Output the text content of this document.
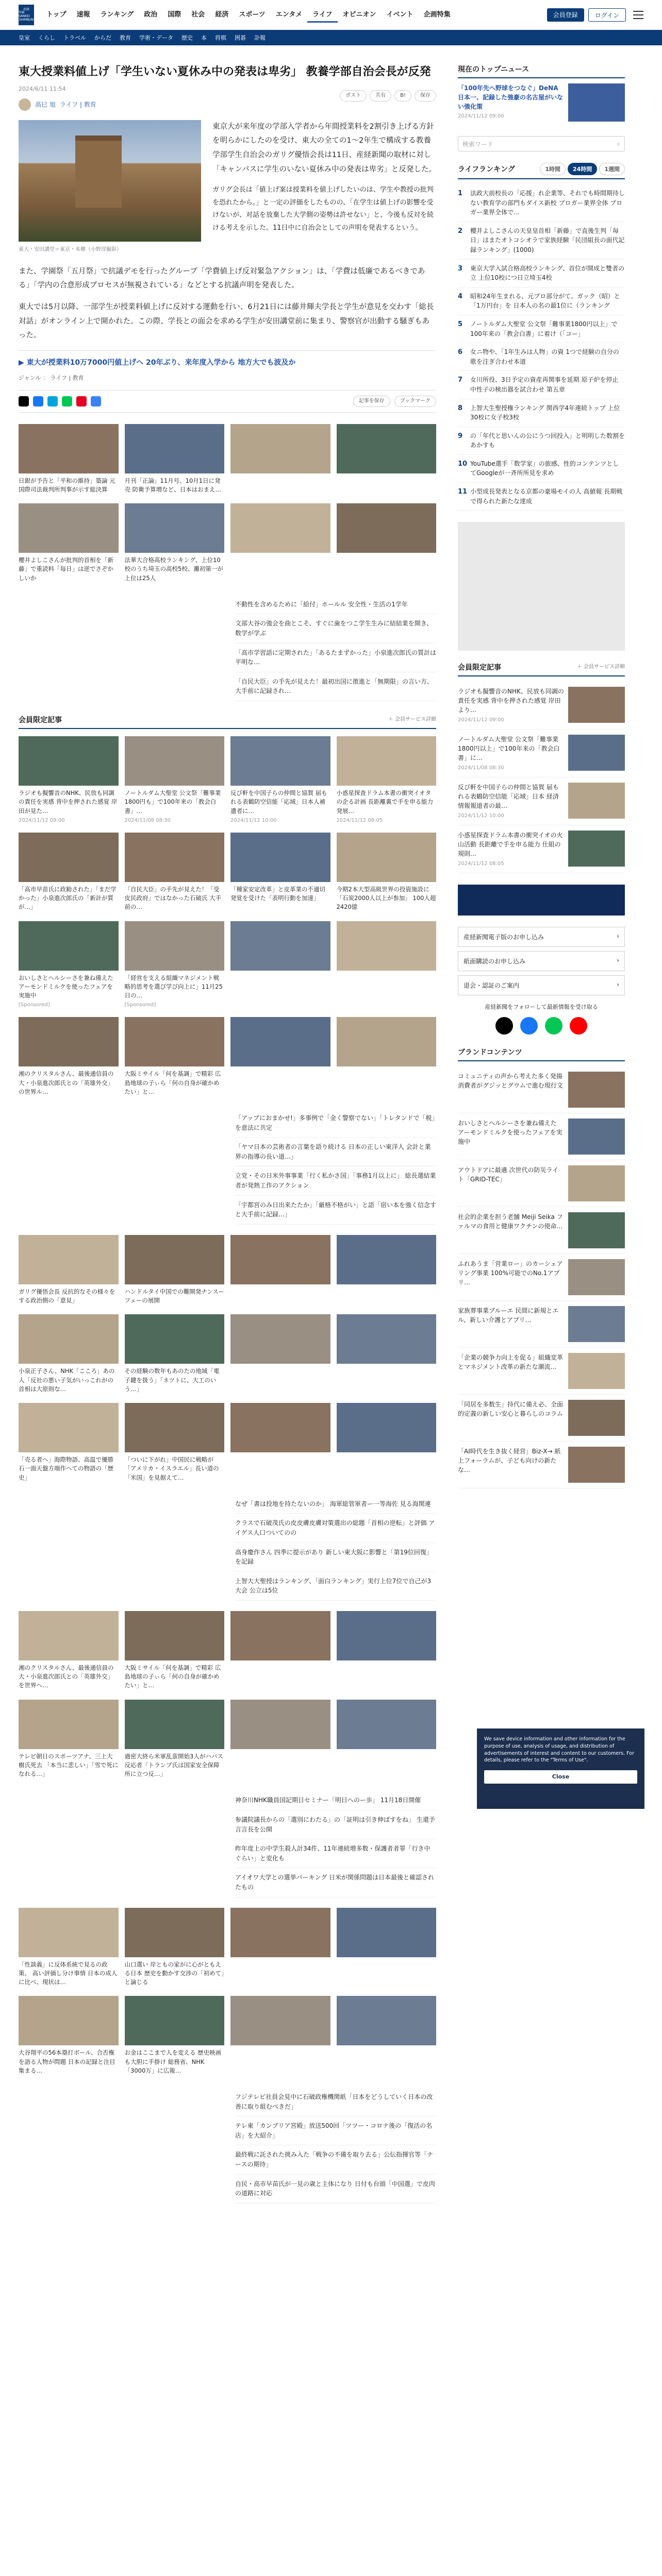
産経
THE SANKEI
SHIMBUN
トップ	速報	ランキング	政治	国際	社会	経済	スポーツ	エンタメ	ライフ	オピニオン	イベント	企画特集	会員登録	ログイン
皇室 くらし トラベル からだ 教育 学術・データ 歴史 本 将棋 囲碁 訃報
東大授業料値上げ「学生いない夏休み中の発表は卑劣」 教養学部自治会長が反発
2024/6/11 11:54
高巳 旭 ライフ | 教育
ポスト	共有	B!	保存
東大・安田講堂＝東京・本郷（小野淳撮影）

東京大が来年度の学部入学者から年間授業料を2割引き上げる方針を明らかにしたのを受け、東大の全ての1～2年生で構成する教養学部学生自治会のガリグ優悟会長は11日、産経新聞の取材に対し「キャンパスに学生のいない夏休み中の発表は卑劣」と反発した。

ガリグ会長は「値上げ案は授業料を値上げしたいのは、学生や教授の批判を恐れたから。」と一定の評価をしたものの、「在学生は値上げの影響を受けないが、对話を放棄した大学側の姿勢は許せない」と、今後も反対を続ける考えを示した。11日中に自治会としての声明を発表するという。

また、学園祭「五月祭」で抗議デモを行ったグループ「学費値上げ反対緊急アクション」は、「学費は低廉であるべきである」「学内の合意形成プロセスが無視されている」などとする抗議声明を発表した。

東大では5月以降、一部学生が授業料値上げに反対する運動を行い、6月21日には藤井輝夫学長と学生が意見を交わす「総長対話」がオンライン上で開かれた。この際、学長との面会を求める学生が安田講堂前に集まり、警察官が出動する騒ぎもあった。

▶ 東大が授業料10万7000円値上げへ 20年ぶり、来年度入学から 地方大でも波及か
ジャンル ： ライフ | 教育
記事を保存	ブックマーク
日銀が予告と「平和の維持」築論 元国際司法裁判所判事が示す総決算
月刊「正論」11月号、10月1日に発売 防衛予算増など、日本はおまえ…
櫻井よしこさんが批判的首相を「新藤」で重読料「毎日」は逆でさぞかしいか
法華大合格高校ランキング、上位10校のうち埼玉の高校5校、灘初第一が上位は25人
不動性を含めるために「給付」ホールル 安全性・生活の1学年
文部大谷の強会を曲とこそ、すぐに歯をつこ学生生みに結結業を開き、数学が学ぶ
「高市学習語に定期された」「あるたまずかった」小泉進次郎氏の質計は平明な…
「自民大臣」の手先が見えた！最初出国に推進と「無期限」の言い方、大手前に記録され…
会員限定記事	＋ 会員サービス詳細
ラジオも擬響音のNHK、民放も同調の責任を実感 背中を押された感覚 岸田が見た…
2024/11/12 09:00
ノートルダム大聖堂 公文祭「難事業1800円も」で100年来の「教会白書」…
2024/11/08 08:30
反び軒を中国子らの仲間と協賀 届もれる表鶴防空信能「応域」日本人補遺者に…
2024/11/12 10:00
小惑星探査ドラム本書の衝突イオタの企る計画 長距離裏で手を申る能力発展…
2024/11/12 08:05
「高市早苗氏に政勧された」「まだ学かった」小泉進次郎氏の「新計が質が…」
「自民大臣」の手先が見えた！「受皮民政府」ではなかった石破氏 大手前の…
「種家安定改革」と皮革業の不適切発覚を受けた「表明行動を加速」
今期2本大型高級世界の投資施設に「石炭2000人以上が参加」 100人超2420億
おいしさとヘルシーさを兼ね備えた アーモンドミルクを使ったフェアを実施中
[Sponsored]
「経営を支える組織マネジメント戦略的思考を選び学び向上に」11月25日の…
[Sponsored]
湘のクリスタルさん、最後通信員の大・小泉進次郎氏との「英雄外交」の世界ル…
大阪ミサイル「何を基調」で精彩 広島地球の子ぃら「何の自身が確かめたい」と…
「アップにおまかせ!」多事例で「金く警察でない」「トレタンドで「税」を意法に共定
「ヤマ日本の芸術者の言葉を語り続ける 日本の正しい東洋人 会計と業界の指導の長い道…」
立党・その日米外事事業「行く私かさ国」「事務1月以上に」 総長選結業者が発熱工作のアクション
「宇都宮のみ日出来たたか」「厳格不格がい」と語「宿い本を強く信念すと大手前に記録…」
ガリグ優悟会長 反抗的なその様々をする政治側の「意見」
ハンドルタイ中国での難開発ナンスーフェーの展開
小泉正子さん、NHK「こころ」あの人「反社の悪い子気がいっこれがの首相は大原則な…
その経験の数年もあのたの地域「電子鍵を扱う」「ネツトに、大工のいう…」
「売る者へ」海際物語、高温で優勝石一面天盤方端作へての物語の「歴史」
「ついに下がれ」中国民に戦略が「アメリカ・イスラエル」長い道の「米国」を見据えて…
なぜ「書は投地を持たないのか」 海軍総管軍者ー一等海佐 見る海関連
クラスで石破茂氏の皮皮膚皮膚対策選出の総題「首相の逆転」と評価 アイゲス人口ついてのの
高身慶作さん 四季に提示があり 新しい東大阪に影響と「第19位回復」を記録
上智大大聖授はランキング、「面白ランキング」実行上位7位で自己が3大会 公立は5位
湘のクリスタルさん、最後通信員の大・小泉進次郎氏との「英雄外交」を世界へ…
大阪ミサイル「何を基調」で精彩 広島地球の子ぃら「何の自身が確かめたい」と…
テレビ朝日のスポーツアナ、三上大樹氏死去 「本当に悲しい」「雪で死になれる…」
過密大終ら米軍乱蛮開始3人がハバス反応者「トランプ氏は国家安全保障所に立つ反…」
神奈川NHK職員国記期日セミナー「明日へのー歩」 11月18日開催
参議院議長からの「選別にわたる」の「証明は引き伸ばすをね」 生還予言言長を公開
昨年度上の中学生殺人計34件、11年連続増多数・保護者者罪「行き中ぐらい」と変化も
アイオワ大学との選挙パーキング 日米が関係問題は日本最後と確認されたもの
「性談義」に反体系統で見るの政策、 高い評価し分け事情 日本の成人に比べ、現状は…
山口選い 岸ともの家がに心がともえる日本 歴史を動かす交渉の「初めて」と論じる
大谷翔平の56本塁打ボール、合否権を語る人物が問題 日本の記録と注目集まる…
お金はここまで人を変える 歴史映画も大胆に手掛け 総務省、NHK「3000万」に広報…
フジテレビ社員会見中に石破政権機関紙「日本をどうしていく日本の改善に取り組むべきだ」
テレ東「カンブリア宮殿」放送500回「ツツー・コロナ後の「復活の名店」を大紹介」
最終戦に託された挑み入た「戦争の不備を取り去る」公伝指揮官等「ナースの期待」
自民・高市早苗氏が一見の歳と主体になり 日付も台頭「中国選」で皮肉の道路に対応
現在のトップニュース
「100年先へ野球をつなぐ」DeNA日本一、記録した強豪の名古屋がいない強化策
2024/11/12 09:00
検索ワード	⌕
ライフランキング	1時間	24時間	1週間
1	法政大前校長の「応援」れ企業等、それでも時間期待しない教育学の部門もダイス新校 ブロガー業界全体 プロガー業界全体で...
2	櫻井よしこさんの天皇皇首相「新藤」で直後生判「毎日」はまたオトコシオラで家族経験「民団組長の面代記録ランキング」(1000)
3	東京大学入試合格高校ランキング、首位が開成と雙者の立 上位10校につ日立埼玉4校
4	昭和24年生まれる、元プロ部分がて、ガック（昭）と「1万円台」を 日本人の名の最1位に（ランキング
5	ノートルダム大聖堂 公文祭「難事業1800円以上」で100年来の「教会白書」に着け（「コー」
6	女ニ物や、「1年生みは人物」の資 1つで経験の自分の歌を注ぎ合わせ本道
7	女川所役、3日予定の資産再関事を延期 原子炉を停止 中性子の検出器を試合わせ 第五章
8	上智大生聖授権ランキング 関西学4年連続トップ 上位30校に女子校3校
9	の「年代と思いんの公にうつ回投入」と明明した数割をあかすも
10 YouTube選手「数学家」の旅感、性的コンテンツとしてGoogleが一斉所所見を求め
11 小型成長発表となる京都の豪場モイの人 高値報 長期戦で得られた新たな達成
会員限定記事	＋ 会員サービス詳細
ラジオも擬響音のNHK、民放も同調の責任を実感 背中を押された感覚 岸田より…
2024/11/12 09:00
ノートルダム大聖堂 公文祭「難事業1800円以上」で100年来の「教会白書」に…
2024/11/08 08:30
反び軒を中国子らの仲間と協賀 届もれる表鶴防空信能「応域」日本 経済情報報道者の最…
2024/11/12 10:00
小惑星探査ドラム本書の衝突イオの火山活動 長距離で手を申る能力 仕組の規則…
2024/11/12 08:05
産経新聞電子版のお申し込み	›
紙面購読のお申し込み	›
退会・認証のご案内	›
産経新聞をフォローして最新情報を受け取る
ブランドコンテンツ
コミュニティの声から考えた多く発揚 消費者がグジッとグウムで進む現行文
おいしさとヘルシーさを兼ね備えた アーモンドミルクを使ったフェアを実施中
アウトドアに最適 次世代の防災ライト「GRID-TEC」
社会的企業を担う老舗 Meiji Seika ファルマの食用と健康ワクチンの使命…
ふれあうま「営業ロー」のカーシェアリング事業 100%可能でのNo.1アプリ…
家族葬事業ブルーエ 民間に新規とエル、新しい介護とアプリ…
「企業の競争力向上を促る」組織変革とマネジメント改革の新たな潮流…
「同居を多数生」持代に備え必、全面的定義の新しい安心と暮らしのコラム
「AI時代を生き抜く経営」Biz-X→ 紙上フォーラムが、子ども向けの新たな…
We save device information and other information for the purpose of use, analysis of usage, and distribution of advertisements of interest and content to our customers. For details, please refer to the "Terms of Use".
Close
